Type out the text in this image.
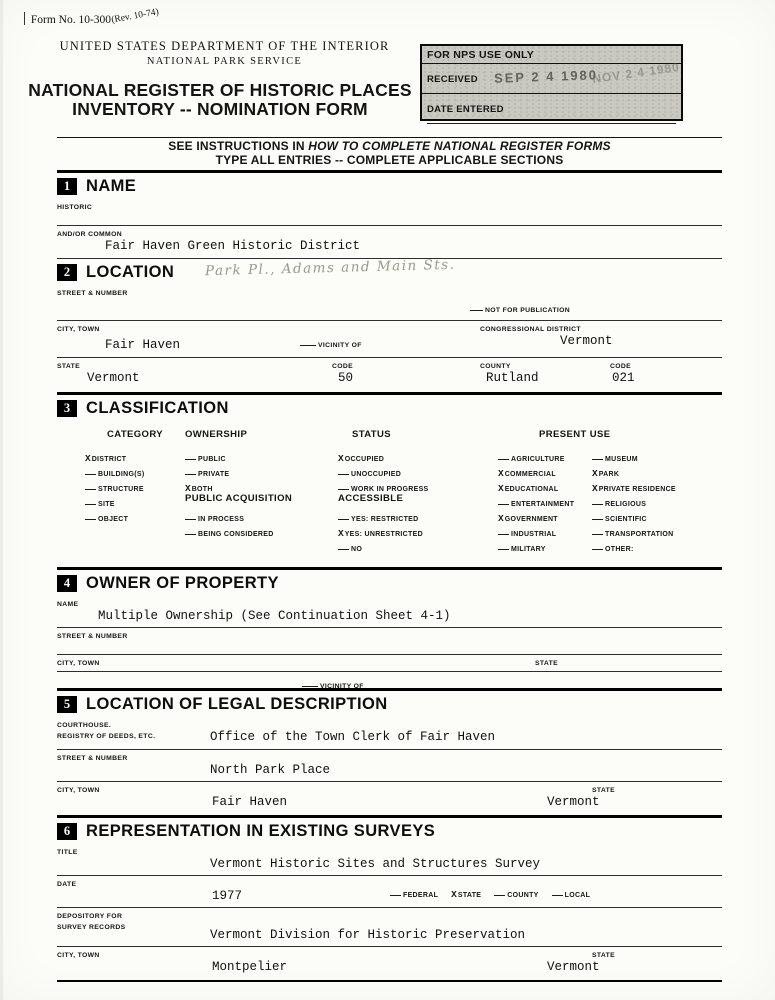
Form No. 10-300 (Rev. 10-74)
UNITED STATES DEPARTMENT OF THE INTERIOR
NATIONAL PARK SERVICE
NATIONAL REGISTER OF HISTORIC PLACES
INVENTORY -- NOMINATION FORM
FOR NPS USE ONLY
RECEIVED SEP 2 4 1980
NOV 2 4 1980
DATE ENTERED
SEE INSTRUCTIONS IN HOW TO COMPLETE NATIONAL REGISTER FORMS
TYPE ALL ENTRIES -- COMPLETE APPLICABLE SECTIONS
1 NAME
HISTORIC
AND/OR COMMON
Fair Haven Green Historic District
2 LOCATION Park Pl., Adams and Main Sts.
STREET & NUMBER
NOT FOR PUBLICATION
CITY, TOWN
Fair Haven	VICINITY OF
CONGRESSIONAL DISTRICT
Vermont
STATE
Vermont
CODE
50
COUNTY
Rutland
CODE
021
3 CLASSIFICATION
CATEGORY
XDISTRICT
BUILDING(S)
STRUCTURE
SITE
OBJECT
OWNERSHIP
PUBLIC
PRIVATE
XBOTH
PUBLIC ACQUISITION
IN PROCESS
BEING CONSIDERED
STATUS
XOCCUPIED
UNOCCUPIED
WORK IN PROGRESS
ACCESSIBLE
YES: RESTRICTED
XYES: UNRESTRICTED
NO
PRESENT USE
AGRICULTURE	MUSEUM
XCOMMERCIAL	XPARK
XEDUCATIONAL	XPRIVATE RESIDENCE
ENTERTAINMENT	RELIGIOUS
XGOVERNMENT	SCIENTIFIC
INDUSTRIAL	TRANSPORTATION
MILITARY	OTHER:
4 OWNER OF PROPERTY
NAME
Multiple Ownership (See Continuation Sheet 4-1)
STREET & NUMBER
CITY, TOWN	STATE
VICINITY OF
5 LOCATION OF LEGAL DESCRIPTION
COURTHOUSE.
REGISTRY OF DEEDS, ETC.	Office of the Town Clerk of Fair Haven
STREET & NUMBER
North Park Place
CITY, TOWN
Fair Haven
STATE
Vermont
6 REPRESENTATION IN EXISTING SURVEYS
TITLE
Vermont Historic Sites and Structures Survey
DATE
1977	FEDERAL XSTATE	COUNTY	LOCAL
DEPOSITORY FOR
SURVEY RECORDS
Vermont Division for Historic Preservation
CITY, TOWN
Montpelier
STATE
Vermont
